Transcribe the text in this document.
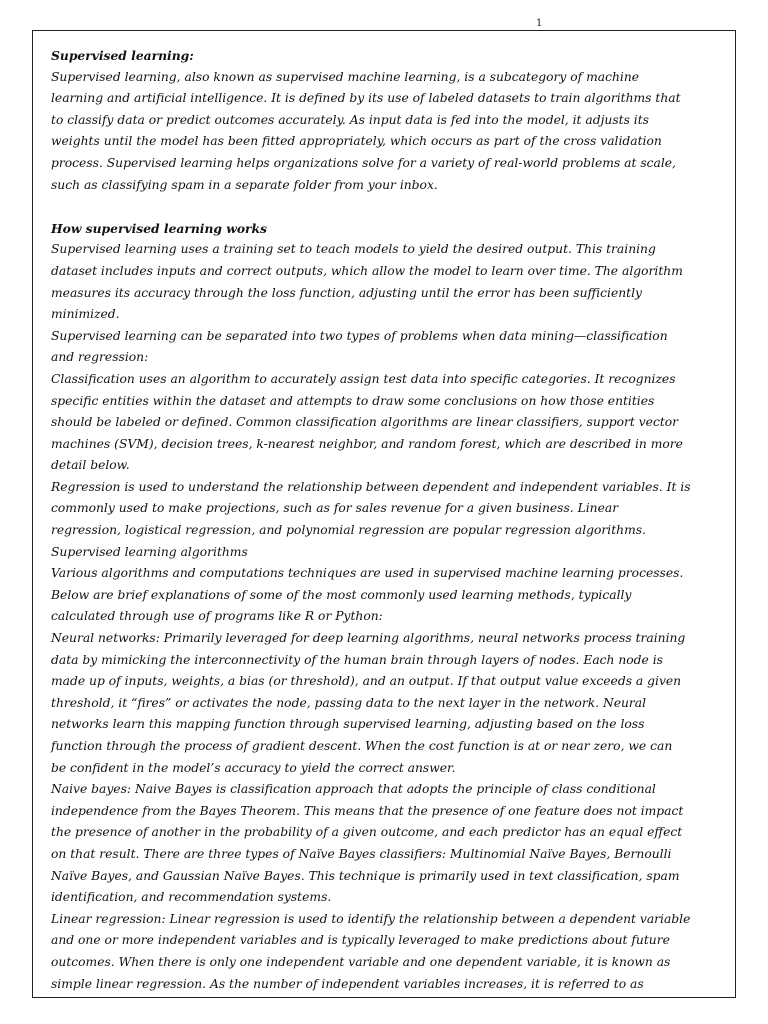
1
Supervised learning:
Supervised learning, also known as supervised machine learning, is a subcategory of machine
learning and artificial intelligence. It is defined by its use of labeled datasets to train algorithms that
to classify data or predict outcomes accurately. As input data is fed into the model, it adjusts its
weights until the model has been fitted appropriately, which occurs as part of the cross validation
process. Supervised learning helps organizations solve for a variety of real-world problems at scale,
such as classifying spam in a separate folder from your inbox.
How supervised learning works
Supervised learning uses a training set to teach models to yield the desired output. This training
dataset includes inputs and correct outputs, which allow the model to learn over time. The algorithm
measures its accuracy through the loss function, adjusting until the error has been sufficiently
minimized.
Supervised learning can be separated into two types of problems when data mining—classification
and regression:
Classification uses an algorithm to accurately assign test data into specific categories. It recognizes
specific entities within the dataset and attempts to draw some conclusions on how those entities
should be labeled or defined. Common classification algorithms are linear classifiers, support vector
machines (SVM), decision trees, k-nearest neighbor, and random forest, which are described in more
detail below.
Regression is used to understand the relationship between dependent and independent variables. It is
commonly used to make projections, such as for sales revenue for a given business. Linear
regression, logistical regression, and polynomial regression are popular regression algorithms.
Supervised learning algorithms
Various algorithms and computations techniques are used in supervised machine learning processes.
Below are brief explanations of some of the most commonly used learning methods, typically
calculated through use of programs like R or Python:
Neural networks: Primarily leveraged for deep learning algorithms, neural networks process training
data by mimicking the interconnectivity of the human brain through layers of nodes. Each node is
made up of inputs, weights, a bias (or threshold), and an output. If that output value exceeds a given
threshold, it “fires” or activates the node, passing data to the next layer in the network. Neural
networks learn this mapping function through supervised learning, adjusting based on the loss
function through the process of gradient descent. When the cost function is at or near zero, we can
be confident in the model’s accuracy to yield the correct answer.
Naive bayes: Naive Bayes is classification approach that adopts the principle of class conditional
independence from the Bayes Theorem. This means that the presence of one feature does not impact
the presence of another in the probability of a given outcome, and each predictor has an equal effect
on that result. There are three types of Naïve Bayes classifiers: Multinomial Naïve Bayes, Bernoulli
Naïve Bayes, and Gaussian Naïve Bayes. This technique is primarily used in text classification, spam
identification, and recommendation systems.
Linear regression: Linear regression is used to identify the relationship between a dependent variable
and one or more independent variables and is typically leveraged to make predictions about future
outcomes. When there is only one independent variable and one dependent variable, it is known as
simple linear regression. As the number of independent variables increases, it is referred to as
